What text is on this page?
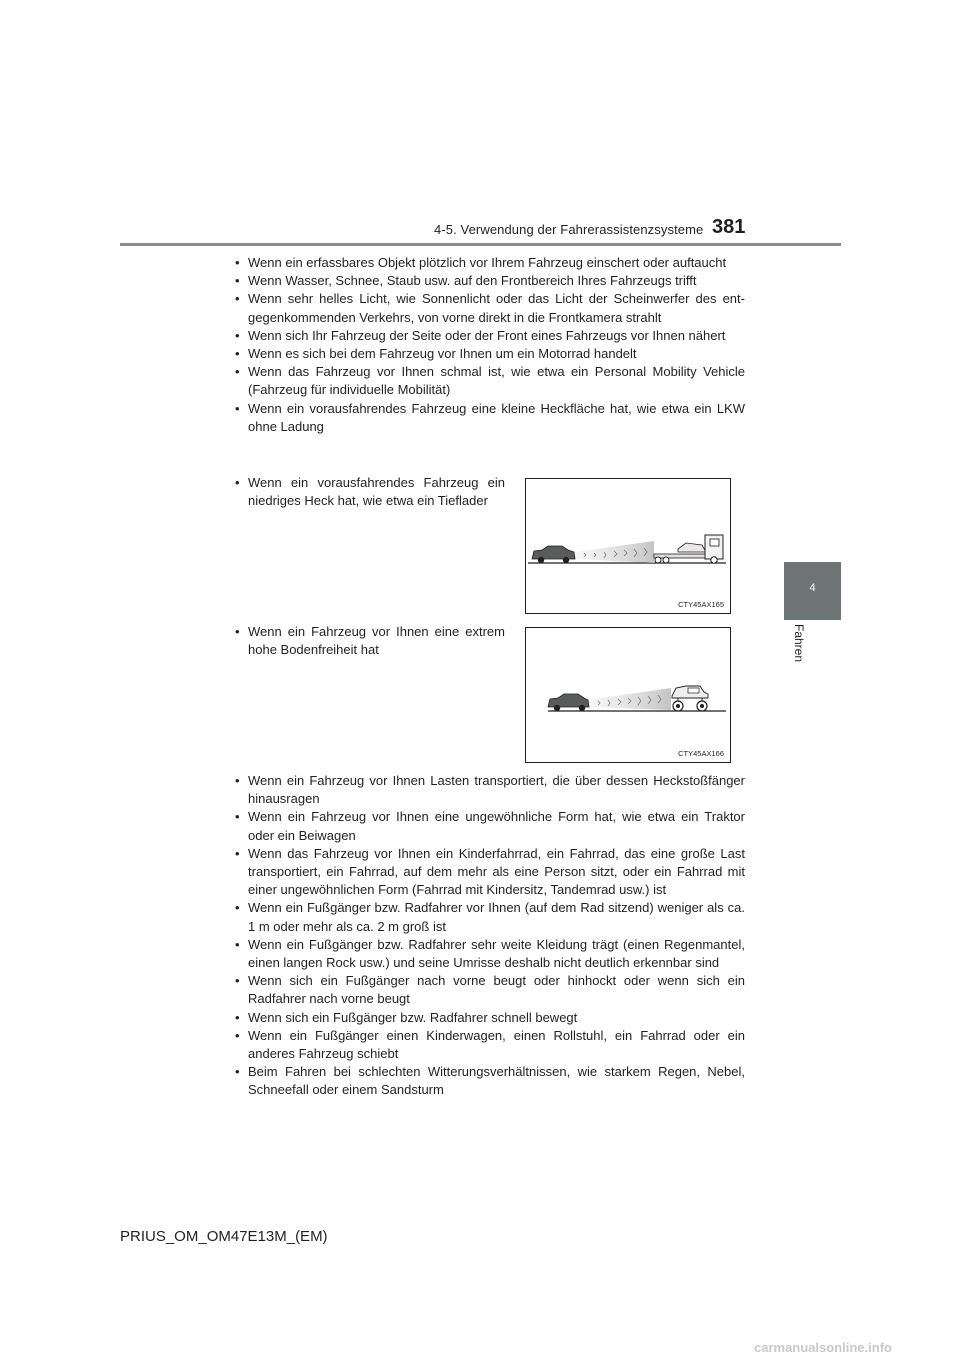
4-5. Verwendung der Fahrerassistenzsysteme 381
4
Fahren
• Wenn ein erfassbares Objekt plötzlich vor Ihrem Fahrzeug einschert oder auftaucht
• Wenn Wasser, Schnee, Staub usw. auf den Frontbereich Ihres Fahrzeugs trifft
• Wenn sehr helles Licht, wie Sonnenlicht oder das Licht der Scheinwerfer des entgegenkommenden Verkehrs, von vorne direkt in die Frontkamera strahlt
• Wenn sich Ihr Fahrzeug der Seite oder der Front eines Fahrzeugs vor Ihnen nähert
• Wenn es sich bei dem Fahrzeug vor Ihnen um ein Motorrad handelt
• Wenn das Fahrzeug vor Ihnen schmal ist, wie etwa ein Personal Mobility Vehicle (Fahrzeug für individuelle Mobilität)
• Wenn ein vorausfahrendes Fahrzeug eine kleine Heckfläche hat, wie etwa ein LKW ohne Ladung
• Wenn ein vorausfahrendes Fahrzeug ein niedriges Heck hat, wie etwa ein Tieflader
CTY45AX165
• Wenn ein Fahrzeug vor Ihnen eine extrem hohe Bodenfreiheit hat
CTY45AX166
• Wenn ein Fahrzeug vor Ihnen Lasten transportiert, die über dessen Heckstoßfänger hinausragen
• Wenn ein Fahrzeug vor Ihnen eine ungewöhnliche Form hat, wie etwa ein Traktor oder ein Beiwagen
• Wenn das Fahrzeug vor Ihnen ein Kinderfahrrad, ein Fahrrad, das eine große Last transportiert, ein Fahrrad, auf dem mehr als eine Person sitzt, oder ein Fahrrad mit einer ungewöhnlichen Form (Fahrrad mit Kindersitz, Tandemrad usw.) ist
• Wenn ein Fußgänger bzw. Radfahrer vor Ihnen (auf dem Rad sitzend) weniger als ca. 1 m oder mehr als ca. 2 m groß ist
• Wenn ein Fußgänger bzw. Radfahrer sehr weite Kleidung trägt (einen Regenmantel, einen langen Rock usw.) und seine Umrisse deshalb nicht deutlich erkennbar sind
• Wenn sich ein Fußgänger nach vorne beugt oder hinhockt oder wenn sich ein Radfahrer nach vorne beugt
• Wenn sich ein Fußgänger bzw. Radfahrer schnell bewegt
• Wenn ein Fußgänger einen Kinderwagen, einen Rollstuhl, ein Fahrrad oder ein anderes Fahrzeug schiebt
• Beim Fahren bei schlechten Witterungsverhältnissen, wie starkem Regen, Nebel, Schneefall oder einem Sandsturm
PRIUS_OM_OM47E13M_(EM)
carmanualsonline.info
